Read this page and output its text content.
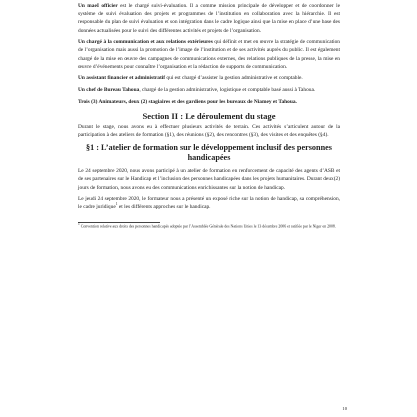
Un maeI officier est le chargé suivi-évaluation. Il a comme mission principale de développer et de coordonner le système de suivi évaluation des projets et programmes de l’institution en collaboration avec la hiérarchie. Il est responsable du plan de suivi évaluation et son intégration dans le cadre logique ainsi que la mise en place d’une base des données actualisées pour le suivi des différentes activités et projets de l’organisation.

Un chargé à la communication et aux relations extérieures qui définit et met en œuvre la stratégie de communication de l’organisation mais aussi la promotion de l’image de l’institution et de ses activités auprès du public. Il est également chargé de la mise en œuvre des campagnes de communications externes, des relations publiques de la presse, la mise en œuvre d’événements pour connaître l’organisation et la rédaction de supports de communication.

Un assistant financier et administratif qui est chargé d’assister la gestion administrative et comptable.

Un chef de Bureau Tahoua, chargé de la gestion administrative, logistique et comptable basé aussi à Tahoua.

Trois (3) Animateurs, deux (2) stagiaires et des gardiens pour les bureaux de Niamey et Tahoua.

Section II : Le déroulement du stage

Durant le stage, nous avons eu à effectuer plusieurs activités de terrain. Ces activités s’articulent autour de la participation à des ateliers de formation (§1), des réunions (§2), des rencontres (§3), des visites et des enquêtes (§4).

§1 : L’atelier de formation sur le développement inclusif des personnes handicapées

Le 24 septembre 2020, nous avons participé à un atelier de formation en renforcement de capacité des agents d’ASB et de ses partenaires sur le Handicap et l’inclusion des personnes handicapées dans les projets humanitaires. Durant deux(2) jours de formation, nous avons eu des communications enrichissantes sur la notion de handicap.

Le jeudi 24 septembre 2020, le formateur nous a présenté un exposé riche sur la notion de handicap, sa compréhension, le cadre juridique$^1$ et les différents approches sur le handicap.

$^1$ Convention relative aux droits des personnes handicapés adoptée par l’Assemblée Générale des Nations Unies le 13 décembre 2006 et ratifiée par le Niger en 2008.

10
